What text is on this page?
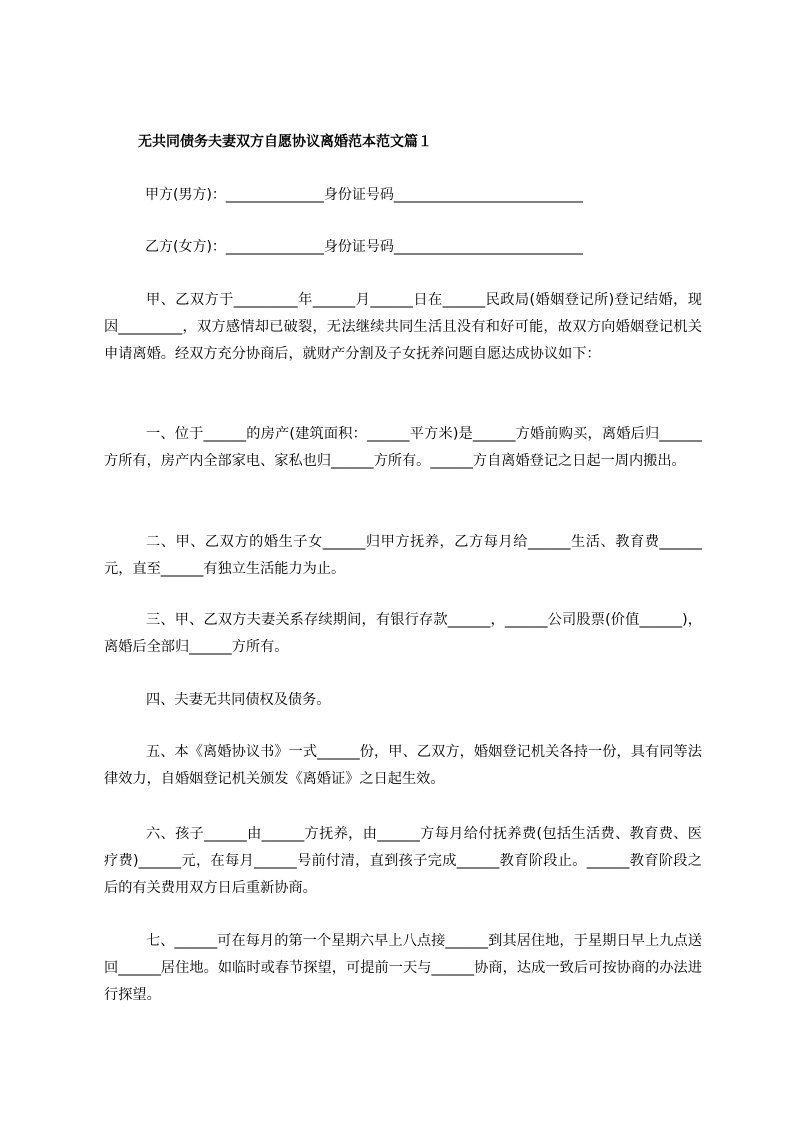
无共同债务夫妻双方自愿协议离婚范本范文篇１
甲方(男方)：______________身份证号码___________________________
乙方(女方)：______________身份证号码___________________________

甲、乙双方于_________年______月______日在______民政局(婚姻登记所)登记结婚，现因_________，双方感情却已破裂，无法继续共同生活且没有和好可能，故双方向婚姻登记机关申请离婚。经双方充分协商后，就财产分割及子女抚养问题自愿达成协议如下：

一、位于______的房产(建筑面积：______平方米)是______方婚前购买，离婚后归______方所有，房产内全部家电、家私也归______方所有。______方自离婚登记之日起一周内搬出。

二、甲、乙双方的婚生子女______归甲方抚养，乙方每月给______生活、教育费______元，直至______有独立生活能力为止。

三、甲、乙双方夫妻关系存续期间，有银行存款______，______公司股票(价值______)，离婚后全部归______方所有。

四、夫妻无共同债权及债务。

五、本《离婚协议书》一式______份，甲、乙双方，婚姻登记机关各持一份，具有同等法律效力，自婚姻登记机关颁发《离婚证》之日起生效。

六、孩子______由______方抚养，由______方每月给付抚养费(包括生活费、教育费、医疗费)______元，在每月______号前付清，直到孩子完成______教育阶段止。______教育阶段之后的有关费用双方日后重新协商。

七、______可在每月的第一个星期六早上八点接______到其居住地，于星期日早上九点送回______居住地。如临时或春节探望，可提前一天与______协商，达成一致后可按协商的办法进行探望。
